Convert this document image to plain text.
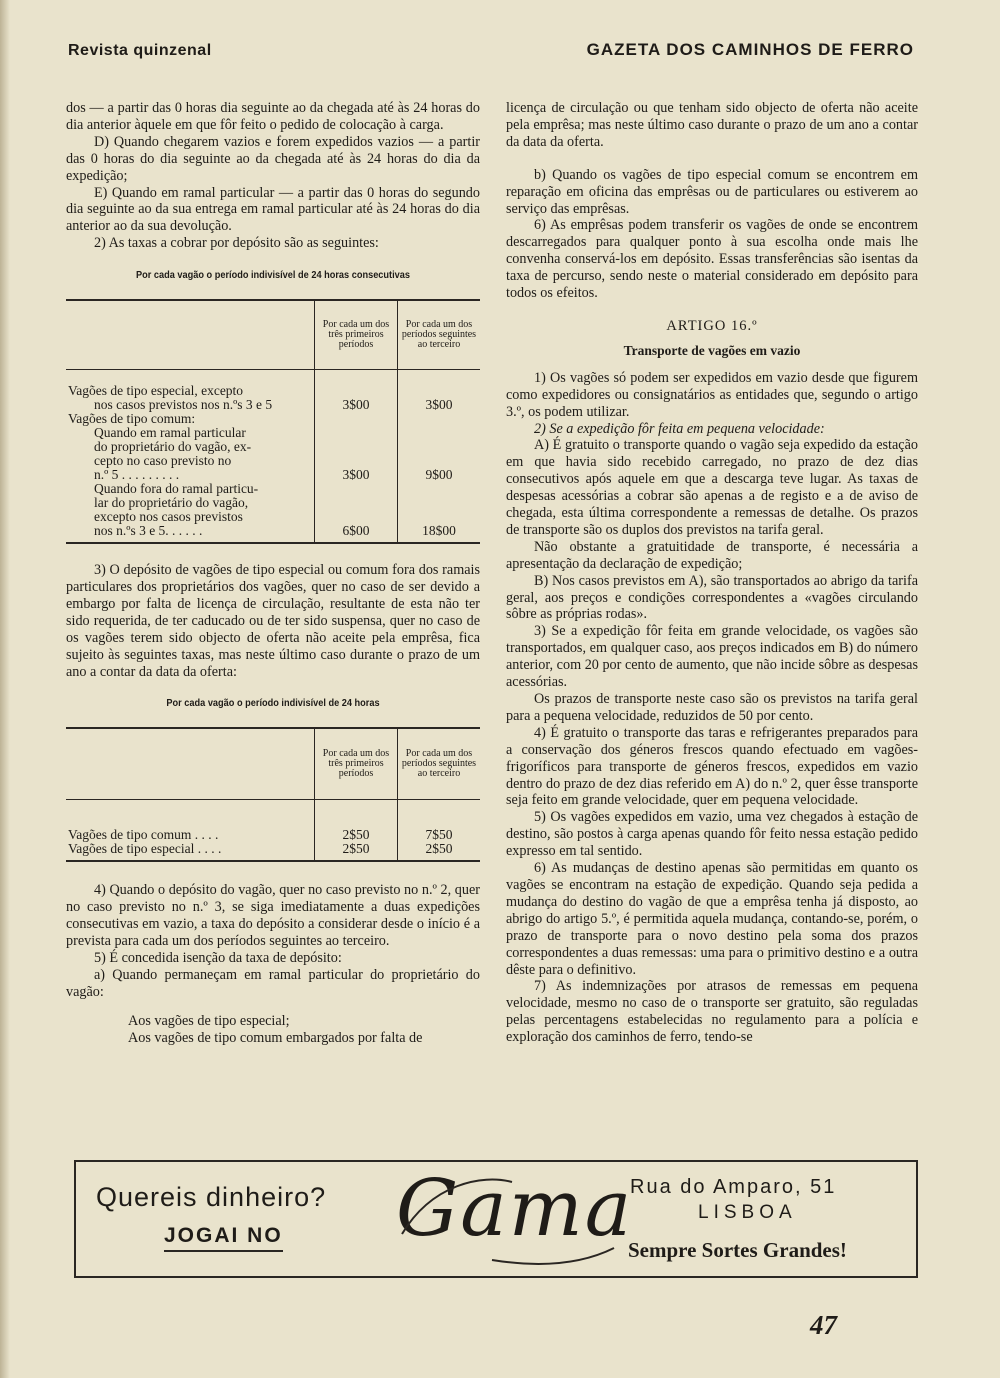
Revista quinzenal	GAZETA DOS CAMINHOS DE FERRO

dos — a partir das 0 horas dia seguinte ao da chegada até às 24 horas do dia anterior àquele em que fôr feito o pedido de colocação à carga.

D) Quando chegarem vazios e forem expedidos vazios — a partir das 0 horas do dia seguinte ao da chegada até às 24 horas do dia da expedição;

E) Quando em ramal particular — a partir das 0 horas do segundo dia seguinte ao da sua entrega em ramal particular até às 24 horas do dia anterior ao da sua devolução.

2) As taxas a cobrar por depósito são as seguintes:

Por cada vagão o período indivisível de 24 horas consecutivas
	Por cada um dos três primeiros períodos	Por cada um dos períodos seguintes ao terceiro
Vagões de tipo especial, excepto		
nos casos previstos nos n.ºs 3 e 5	3$00	3$00
Vagões de tipo comum:		
Quando em ramal particular		
do proprietário do vagão, ex-		
cepto no caso previsto no		
n.º 5 . . . . . . . . .	3$00	9$00
Quando fora do ramal particu-		
lar do proprietário do vagão,		
excepto nos casos previstos		
nos n.ºs 3 e 5. . . . . .	6$00	18$00

3) O depósito de vagões de tipo especial ou comum fora dos ramais particulares dos proprietários dos vagões, quer no caso de ser devido a embargo por falta de licença de circulação, resultante de esta não ter sido requerida, de ter caducado ou de ter sido suspensa, quer no caso de os vagões terem sido objecto de oferta não aceite pela emprêsa, fica sujeito às seguintes taxas, mas neste último caso durante o prazo de um ano a contar da data da oferta:

Por cada vagão o período indivisível de 24 horas
	Por cada um dos três primeiros períodos	Por cada um dos períodos seguintes ao terceiro
Vagões de tipo comum . . . .	2$50	7$50
Vagões de tipo especial . . . .	2$50	2$50

4) Quando o depósito do vagão, quer no caso previsto no n.º 2, quer no caso previsto no n.º 3, se siga imediatamente a duas expedições consecutivas em vazio, a taxa do depósito a considerar desde o início é a prevista para cada um dos períodos seguintes ao terceiro.

5) É concedida isenção da taxa de depósito:

a) Quando permaneçam em ramal particular do proprietário do vagão:

Aos vagões de tipo especial;

Aos vagões de tipo comum embargados por falta de

licença de circulação ou que tenham sido objecto de oferta não aceite pela emprêsa; mas neste último caso durante o prazo de um ano a contar da data da oferta.

b) Quando os vagões de tipo especial comum se encontrem em reparação em oficina das emprêsas ou de particulares ou estiverem ao serviço das emprêsas.

6) As emprêsas podem transferir os vagões de onde se encontrem descarregados para qualquer ponto à sua escolha onde mais lhe convenha conservá-los em depósito. Essas transferências são isentas da taxa de percurso, sendo neste o material considerado em depósito para todos os efeitos.

ARTIGO 16.º
Transporte de vagões em vazio

1) Os vagões só podem ser expedidos em vazio desde que figurem como expedidores ou consignatários as entidades que, segundo o artigo 3.º, os podem utilizar.

2) Se a expedição fôr feita em pequena velocidade:

A) É gratuito o transporte quando o vagão seja expedido da estação em que havia sido recebido carregado, no prazo de dez dias consecutivos após aquele em que a descarga teve lugar. As taxas de despesas acessórias a cobrar são apenas a de registo e a de aviso de chegada, esta última correspondente a remessas de detalhe. Os prazos de transporte são os duplos dos previstos na tarifa geral.

Não obstante a gratuitidade de transporte, é necessária a apresentação da declaração de expedição;

B) Nos casos previstos em A), são transportados ao abrigo da tarifa geral, aos preços e condições correspondentes a «vagões circulando sôbre as próprias rodas».

3) Se a expedição fôr feita em grande velocidade, os vagões são transportados, em qualquer caso, aos preços indicados em B) do número anterior, com 20 por cento de aumento, que não incide sôbre as despesas acessórias.

Os prazos de transporte neste caso são os previstos na tarifa geral para a pequena velocidade, reduzidos de 50 por cento.

4) É gratuito o transporte das taras e refrigerantes preparados para a conservação dos géneros frescos quando efectuado em vagões-frigoríficos para transporte de géneros frescos, expedidos em vazio dentro do prazo de dez dias referido em A) do n.º 2, quer êsse transporte seja feito em grande velocidade, quer em pequena velocidade.

5) Os vagões expedidos em vazio, uma vez chegados à estação de destino, são postos à carga apenas quando fôr feito nessa estação pedido expresso em tal sentido.

6) As mudanças de destino apenas são permitidas em quanto os vagões se encontram na estação de expedição. Quando seja pedida a mudança do destino do vagão de que a emprêsa tenha já disposto, ao abrigo do artigo 5.º, é permitida aquela mudança, contando-se, porém, o prazo de transporte para o novo destino pela soma dos prazos correspondentes a duas remessas: uma para o primitivo destino e a outra dêste para o definitivo.

7) As indemnizações por atrasos de remessas em pequena velocidade, mesmo no caso de o transporte ser gratuito, são reguladas pelas percentagens estabelecidas no regulamento para a polícia e exploração dos caminhos de ferro, tendo-se

Quereis dinheiro?
JOGAI NO Gama
Rua do Amparo, 51
LISBOA
Sempre Sortes Grandes!
47
